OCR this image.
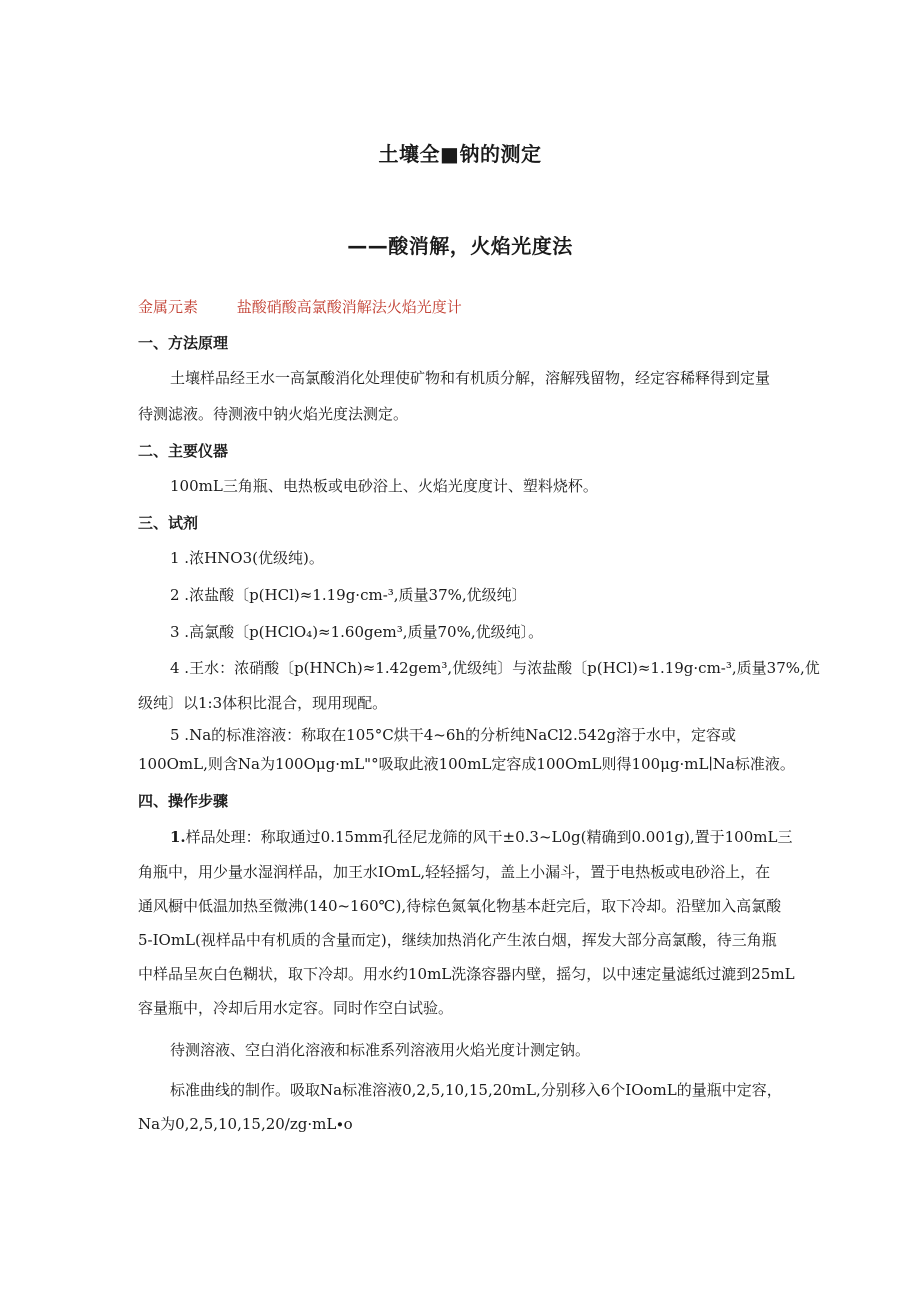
土壤全■钠的测定
——酸消解，火焰光度法
金属元素	盐酸硝酸高氯酸消解法火焰光度计
一、方法原理
土壤样品经王水一高氯酸消化处理使矿物和有机质分解，溶解残留物，经定容稀释得到定量
待测滤液。待测液中钠火焰光度法测定。
二、主要仪器
100mL三角瓶、电热板或电砂浴上、火焰光度度计、塑料烧杯。
三、试剂
1 .浓HNO3(优级纯)。
2 .浓盐酸〔p(HCl)≈1.19g·cm-³,质量37%,优级纯〕
3 .高氯酸〔p(HClO₄)≈1.60gem³,质量70%,优级纯〕。
4 .王水：浓硝酸〔p(HNCh)≈1.42gem³,优级纯〕与浓盐酸〔p(HCl)≈1.19g·cm-³,质量37%,优
级纯〕以1:3体积比混合，现用现配。
5 .Na的标准溶液：称取在105°C烘干4~6h的分析纯NaCl2.542g溶于水中，定容或
100OmL,则含Na为100Oμg·mL"°吸取此液100mL定容成100OmL则得100μg·mL∣Na标准液。
四、操作步骤
1.样品处理：称取通过0.15mm孔径尼龙筛的风干±0.3~L0g(精确到0.001g),置于100mL三
角瓶中，用少量水湿润样品，加王水IOmL,轻轻摇匀，盖上小漏斗，置于电热板或电砂浴上，在
通风橱中低温加热至微沸(140~160℃),待棕色氮氧化物基本赶完后，取下冷却。沿壁加入高氯酸
5-IOmL(视样品中有机质的含量而定)，继续加热消化产生浓白烟，挥发大部分高氯酸，待三角瓶
中样品呈灰白色糊状，取下冷却。用水约10mL洗涤容器内壁，摇匀，以中速定量滤纸过漉到25mL
容量瓶中，冷却后用水定容。同时作空白试验。
待测溶液、空白消化溶液和标准系列溶液用火焰光度计测定钠。
标准曲线的制作。吸取Na标准溶液0,2,5,10,15,20mL,分别移入6个IOomL的量瓶中定容，
Na为0,2,5,10,15,20∕zg·mL∙o
